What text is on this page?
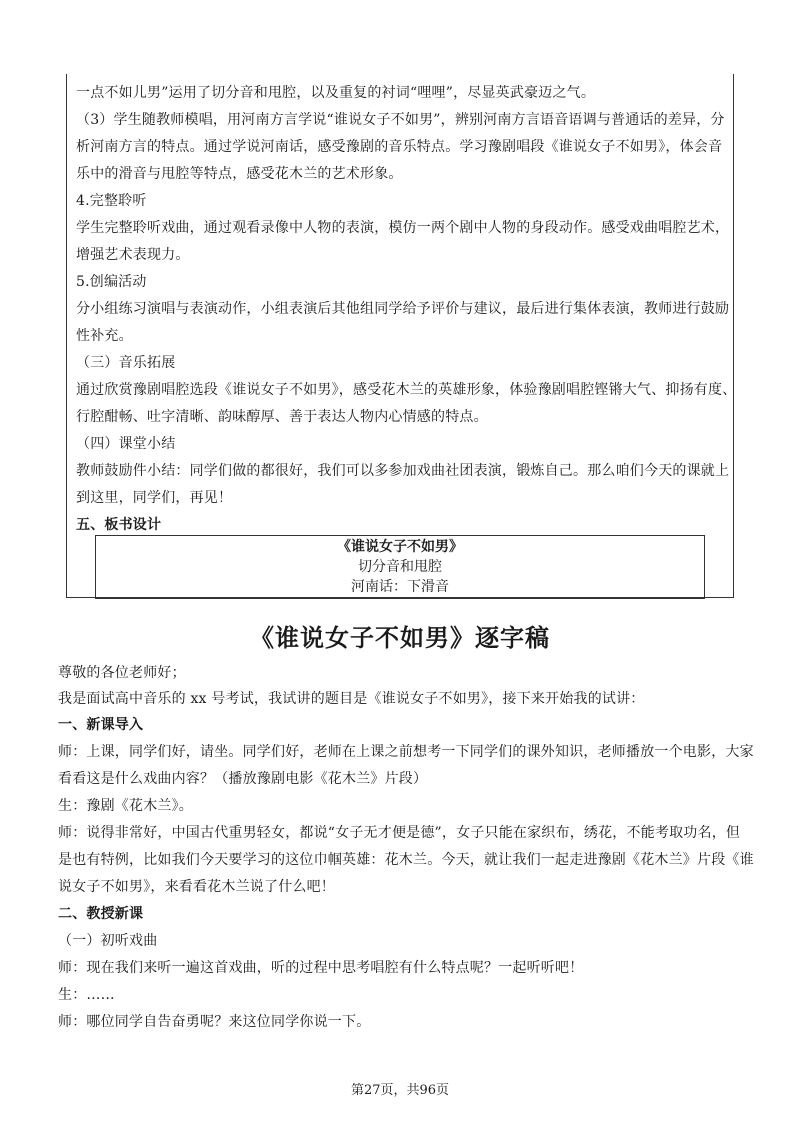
一点不如儿男”运用了切分音和甩腔，以及重复的衬词“哩哩”，尽显英武豪迈之气。
（3）学生随教师模唱，用河南方言学说“谁说女子不如男”，辨别河南方言语音语调与普通话的差异，分
析河南方言的特点。通过学说河南话，感受豫剧的音乐特点。学习豫剧唱段《谁说女子不如男》，体会音
乐中的滑音与甩腔等特点，感受花木兰的艺术形象。
4.完整聆听
学生完整聆听戏曲，通过观看录像中人物的表演，模仿一两个剧中人物的身段动作。感受戏曲唱腔艺术，
增强艺术表现力。
5.创编活动
分小组练习演唱与表演动作，小组表演后其他组同学给予评价与建议，最后进行集体表演，教师进行鼓励
性补充。
（三）音乐拓展
通过欣赏豫剧唱腔选段《谁说女子不如男》，感受花木兰的英雄形象，体验豫剧唱腔铿锵大气、抑扬有度、
行腔酣畅、吐字清晰、韵味醇厚、善于表达人物内心情感的特点。
（四）课堂小结
教师鼓励件小结：同学们做的都很好，我们可以多参加戏曲社团表演，锻炼自己。那么咱们今天的课就上
到这里，同学们，再见！
五、板书设计
《谁说女子不如男》
切分音和甩腔
河南话：下滑音
《谁说女子不如男》逐字稿
尊敬的各位老师好；
我是面试高中音乐的 xx 号考试，我试讲的题目是《谁说女子不如男》，接下来开始我的试讲：
一、新课导入
师：上课，同学们好，请坐。同学们好，老师在上课之前想考一下同学们的课外知识，老师播放一个电影，大家
看看这是什么戏曲内容？（播放豫剧电影《花木兰》片段）
生：豫剧《花木兰》。
师：说得非常好，中国古代重男轻女，都说“女子无才便是德”，女子只能在家织布，绣花，不能考取功名，但
是也有特例，比如我们今天要学习的这位巾帼英雄：花木兰。今天，就让我们一起走进豫剧《花木兰》片段《谁
说女子不如男》，来看看花木兰说了什么吧！
二、教授新课
（一）初听戏曲
师：现在我们来听一遍这首戏曲，听的过程中思考唱腔有什么特点呢？一起听听吧！
生：……
师：哪位同学自告奋勇呢？来这位同学你说一下。
第27页，共96页
